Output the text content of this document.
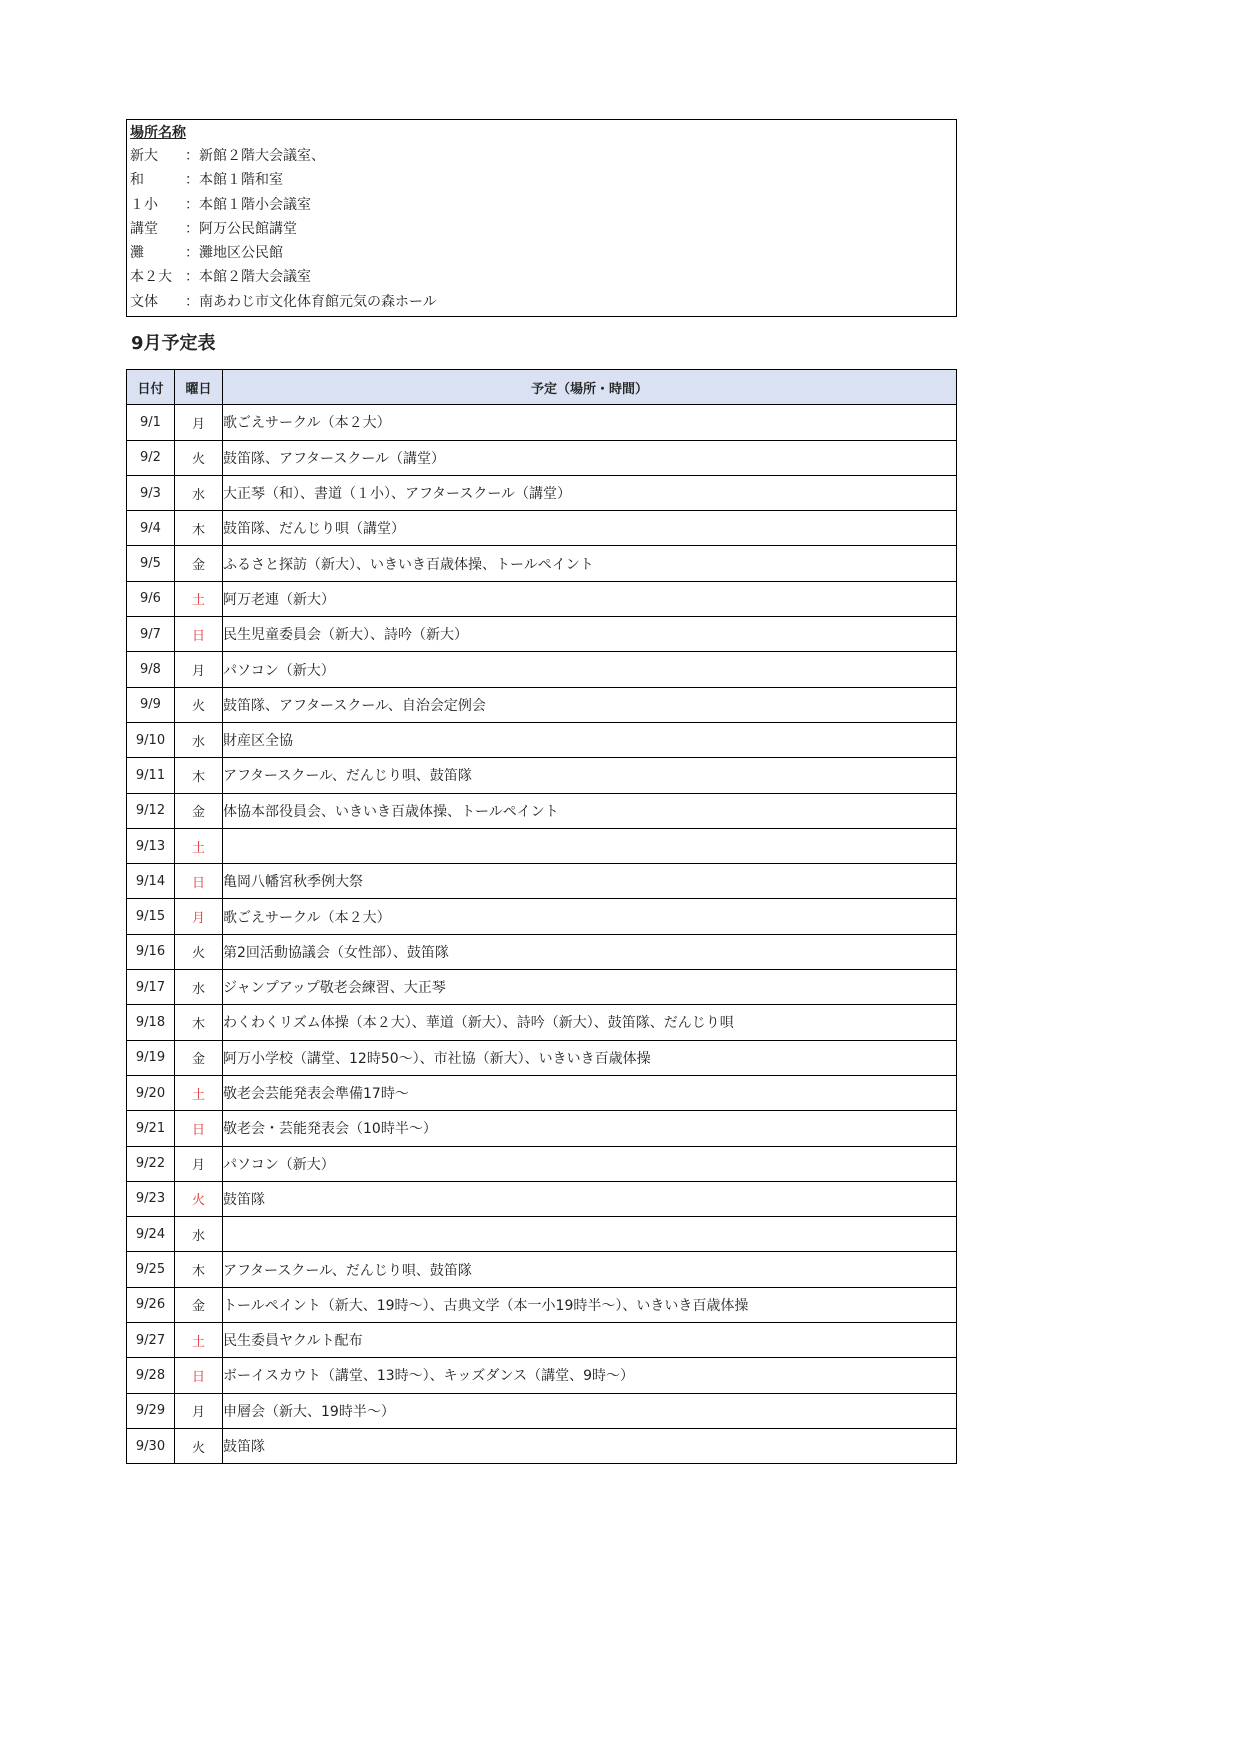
場所名称
新大	：新館２階大会議室、
和	：本館１階和室
１小	：本館１階小会議室
講堂	：阿万公民館講堂
灘	：灘地区公民館
本２大 ：本館２階大会議室
文体	：南あわじ市文化体育館元気の森ホール
9月予定表
日付	曜日	予定（場所・時間）
9/1	月	歌ごえサークル（本２大）
9/2	火	鼓笛隊、アフタースクール（講堂）
9/3	水	大正琴（和）、書道（１小）、アフタースクール（講堂）
9/4	木	鼓笛隊、だんじり唄（講堂）
9/5	金	ふるさと探訪（新大）、いきいき百歳体操、トールペイント
9/6	土	阿万老連（新大）
9/7	日	民生児童委員会（新大）、詩吟（新大）
9/8	月	パソコン（新大）
9/9	火	鼓笛隊、アフタースクール、自治会定例会
9/10	水	財産区全協
9/11	木	アフタースクール、だんじり唄、鼓笛隊
9/12	金	体協本部役員会、いきいき百歳体操、トールペイント
9/13	土	
9/14	日	亀岡八幡宮秋季例大祭
9/15	月	歌ごえサークル（本２大）
9/16	火	第2回活動協議会（女性部）、鼓笛隊
9/17	水	ジャンプアップ敬老会練習、大正琴
9/18	木	わくわくリズム体操（本２大）、華道（新大）、詩吟（新大）、鼓笛隊、だんじり唄
9/19	金	阿万小学校（講堂、12時50～）、市社協（新大）、いきいき百歳体操
9/20	土	敬老会芸能発表会準備17時～
9/21	日	敬老会・芸能発表会（10時半～）
9/22	月	パソコン（新大）
9/23	火	鼓笛隊
9/24	水	
9/25	木	アフタースクール、だんじり唄、鼓笛隊
9/26	金	トールペイント（新大、19時～）、古典文学（本一小19時半～）、いきいき百歳体操
9/27	土	民生委員ヤクルト配布
9/28	日	ボーイスカウト（講堂、13時～）、キッズダンス（講堂、9時～）
9/29	月	申層会（新大、19時半～）
9/30	火	鼓笛隊
